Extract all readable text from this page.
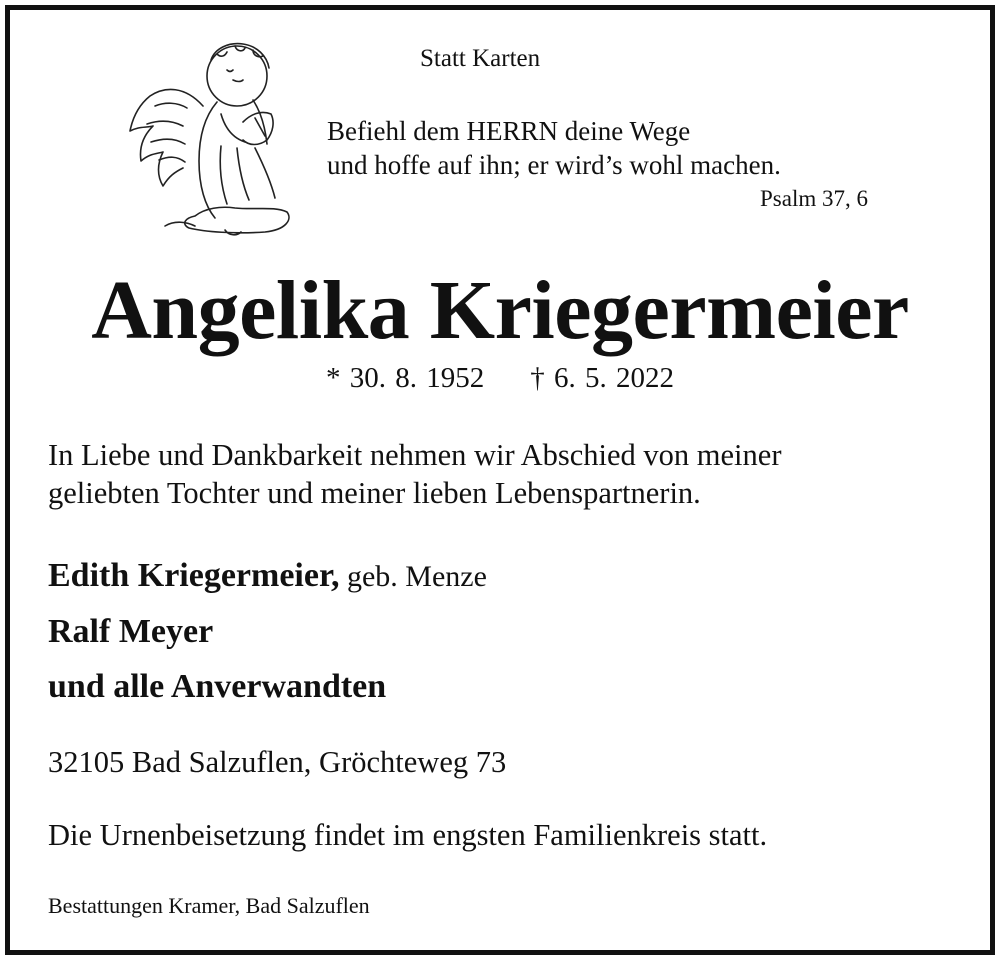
Statt Karten
Befiehl dem HERRN deine Wege
und hoffe auf ihn; er wird’s wohl machen.
Psalm 37, 6
Angelika Kriegermeier
* 30. 8. 1952 † 6. 5. 2022
In Liebe und Dankbarkeit nehmen wir Abschied von meiner
geliebten Tochter und meiner lieben Lebenspartnerin.
Edith Kriegermeier, geb. Menze
Ralf Meyer
und alle Anverwandten
32105 Bad Salzuflen, Gröchteweg 73
Die Urnenbeisetzung findet im engsten Familienkreis statt.
Bestattungen Kramer, Bad Salzuflen
